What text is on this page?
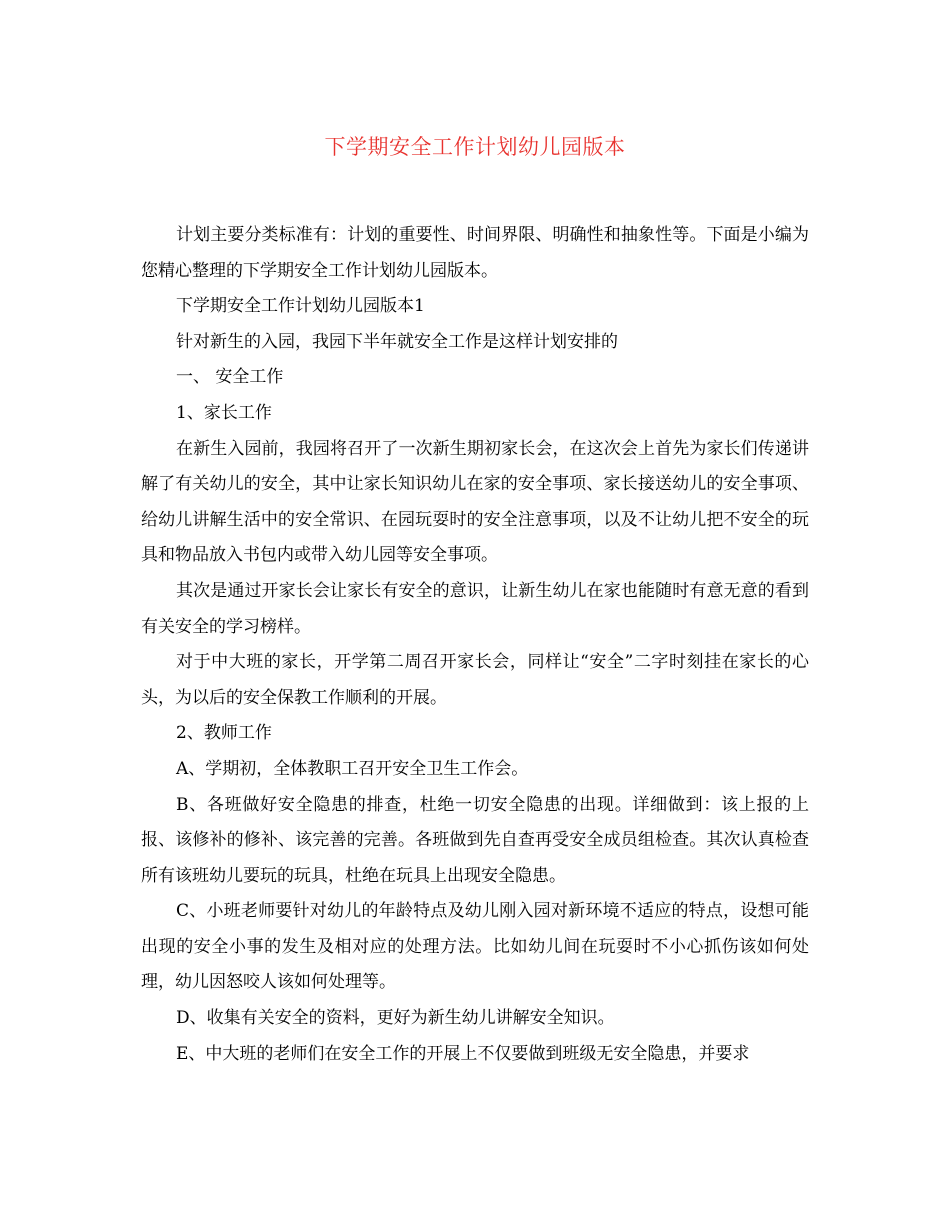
下学期安全工作计划幼儿园版本

计划主要分类标准有：计划的重要性、时间界限、明确性和抽象性等。下面是小编为您精心整理的下学期安全工作计划幼儿园版本。

下学期安全工作计划幼儿园版本1

针对新生的入园，我园下半年就安全工作是这样计划安排的

一、 安全工作

1、家长工作

在新生入园前，我园将召开了一次新生期初家长会，在这次会上首先为家长们传递讲解了有关幼儿的安全，其中让家长知识幼儿在家的安全事项、家长接送幼儿的安全事项、给幼儿讲解生活中的安全常识、在园玩耍时的安全注意事项，以及不让幼儿把不安全的玩具和物品放入书包内或带入幼儿园等安全事项。

其次是通过开家长会让家长有安全的意识，让新生幼儿在家也能随时有意无意的看到有关安全的学习榜样。

对于中大班的家长，开学第二周召开家长会，同样让“安全”二字时刻挂在家长的心头，为以后的安全保教工作顺利的开展。

2、教师工作

A、学期初，全体教职工召开安全卫生工作会。

B、各班做好安全隐患的排查，杜绝一切安全隐患的出现。详细做到：该上报的上报、该修补的修补、该完善的完善。各班做到先自查再受安全成员组检查。其次认真检查所有该班幼儿要玩的玩具，杜绝在玩具上出现安全隐患。

C、小班老师要针对幼儿的年龄特点及幼儿刚入园对新环境不适应的特点，设想可能出现的安全小事的发生及相对应的处理方法。比如幼儿间在玩耍时不小心抓伤该如何处理，幼儿因怒咬人该如何处理等。

D、收集有关安全的资料，更好为新生幼儿讲解安全知识。

E、中大班的老师们在安全工作的开展上不仅要做到班级无安全隐患，并要求
